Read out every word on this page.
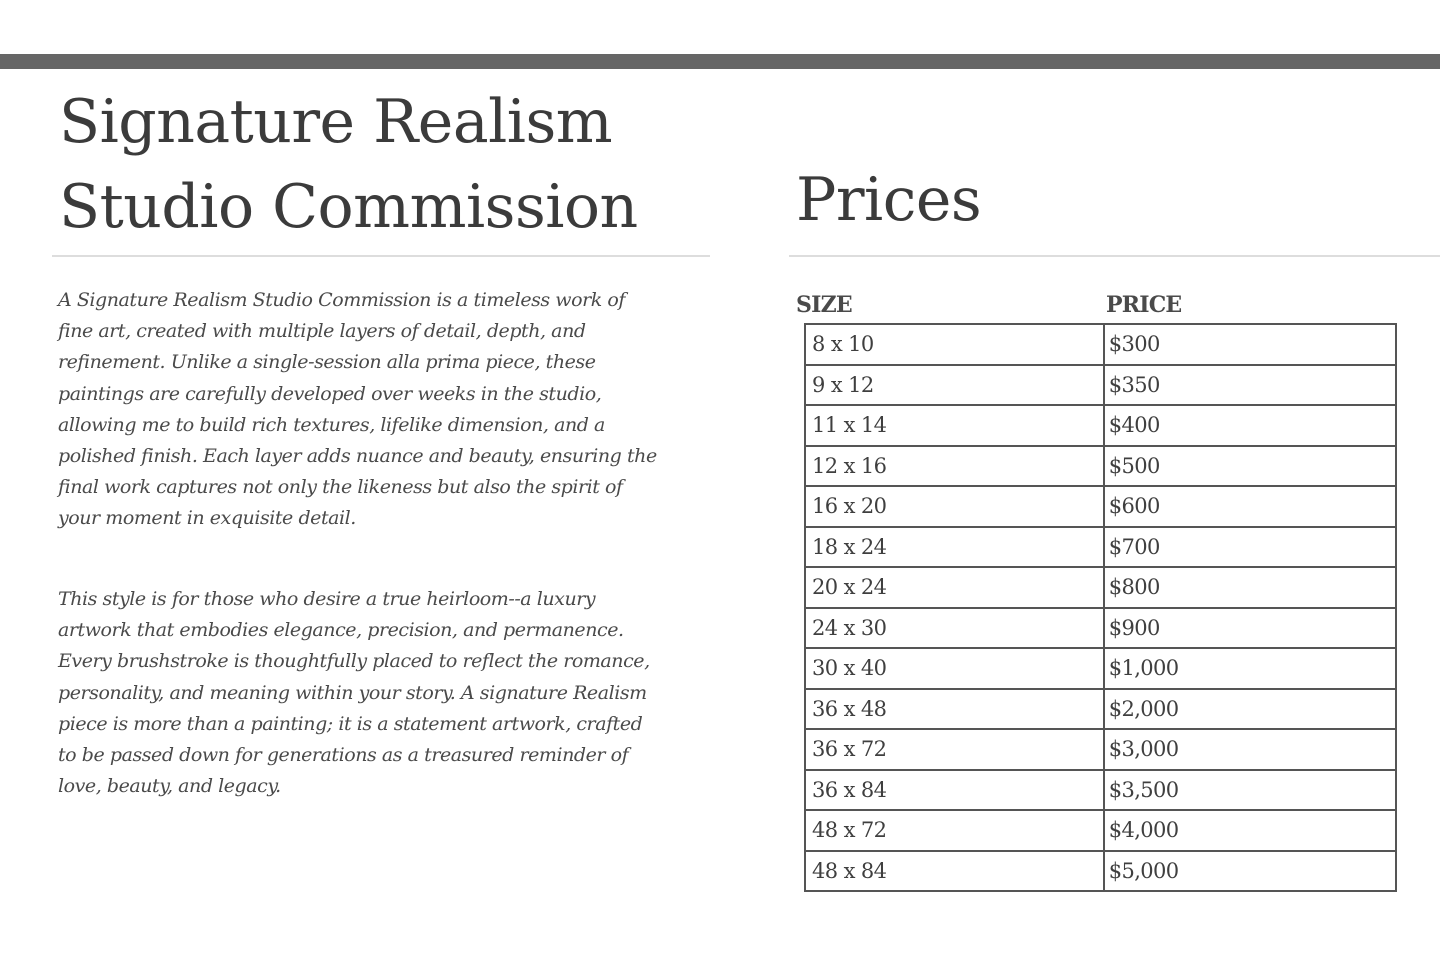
Signature Realism
Studio Commission	Prices

A Signature Realism Studio Commission is a timeless work of
fine art, created with multiple layers of detail, depth, and
refinement. Unlike a single-session alla prima piece, these
paintings are carefully developed over weeks in the studio,
allowing me to build rich textures, lifelike dimension, and a
polished finish. Each layer adds nuance and beauty, ensuring the
final work captures not only the likeness but also the spirit of
your moment in exquisite detail.

This style is for those who desire a true heirloom--a luxury
artwork that embodies elegance, precision, and permanence.
Every brushstroke is thoughtfully placed to reflect the romance,
personality, and meaning within your story. A signature Realism
piece is more than a painting; it is a statement artwork, crafted
to be passed down for generations as a treasured reminder of
love, beauty, and legacy.

SIZE	PRICE
8 x 10	$300
9 x 12	$350
11 x 14	$400
12 x 16	$500
16 x 20	$600
18 x 24	$700
20 x 24	$800
24 x 30	$900
30 x 40	$1,000
36 x 48	$2,000
36 x 72	$3,000
36 x 84	$3,500
48 x 72	$4,000
48 x 84	$5,000
